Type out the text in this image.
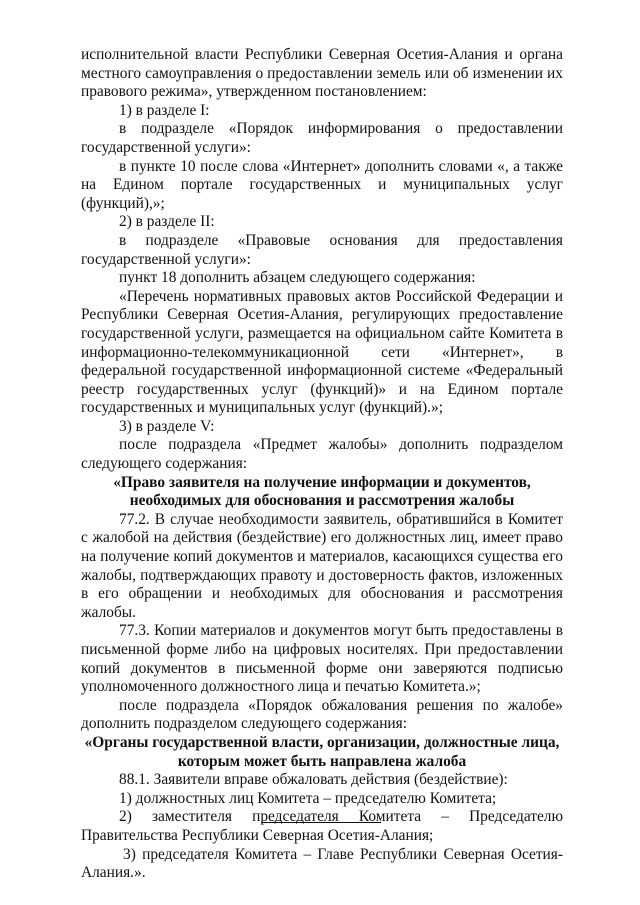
исполнительной власти Республики Северная Осетия-Алания и органа местного самоуправления о предоставлении земель или об изменении их правового режима», утвержденном постановлением:

1) в разделе I:

в подразделе «Порядок информирования о предоставлении государственной услуги»:

в пункте 10 после слова «Интернет» дополнить словами «, а также на Едином портале государственных и муниципальных услуг (функций),»;

2) в разделе II:

в подразделе «Правовые основания для предоставления государственной услуги»:

пункт 18 дополнить абзацем следующего содержания:

«Перечень нормативных правовых актов Российской Федерации и Республики Северная Осетия-Алания, регулирующих предоставление государственной услуги, размещается на официальном сайте Комитета в информационно-телекоммуникационной сети «Интернет», в федеральной государственной информационной системе «Федеральный реестр государственных услуг (функций)» и на Едином портале государственных и муниципальных услуг (функций).»;

3) в разделе V:

после подраздела «Предмет жалобы» дополнить подразделом следующего содержания:

«Право заявителя на получение информации и документов, необходимых для обоснования и рассмотрения жалобы

77.2. В случае необходимости заявитель, обратившийся в Комитет с жалобой на действия (бездействие) его должностных лиц, имеет право на получение копий документов и материалов, касающихся существа его жалобы, подтверждающих правоту и достоверность фактов, изложенных в его обращении и необходимых для обоснования и рассмотрения жалобы.

77.3. Копии материалов и документов могут быть предоставлены в письменной форме либо на цифровых носителях. При предоставлении копий документов в письменной форме они заверяются подписью уполномоченного должностного лица и печатью Комитета.»;

после подраздела «Порядок обжалования решения по жалобе» дополнить подразделом следующего содержания:

«Органы государственной власти, организации, должностные лица, которым может быть направлена жалоба

88.1. Заявители вправе обжаловать действия (бездействие):

1) должностных лиц Комитета – председателю Комитета;

2) заместителя председателя Комитета – Председателю Правительства Республики Северная Осетия-Алания;

3) председателя Комитета – Главе Республики Северная Осетия-Алания.».
